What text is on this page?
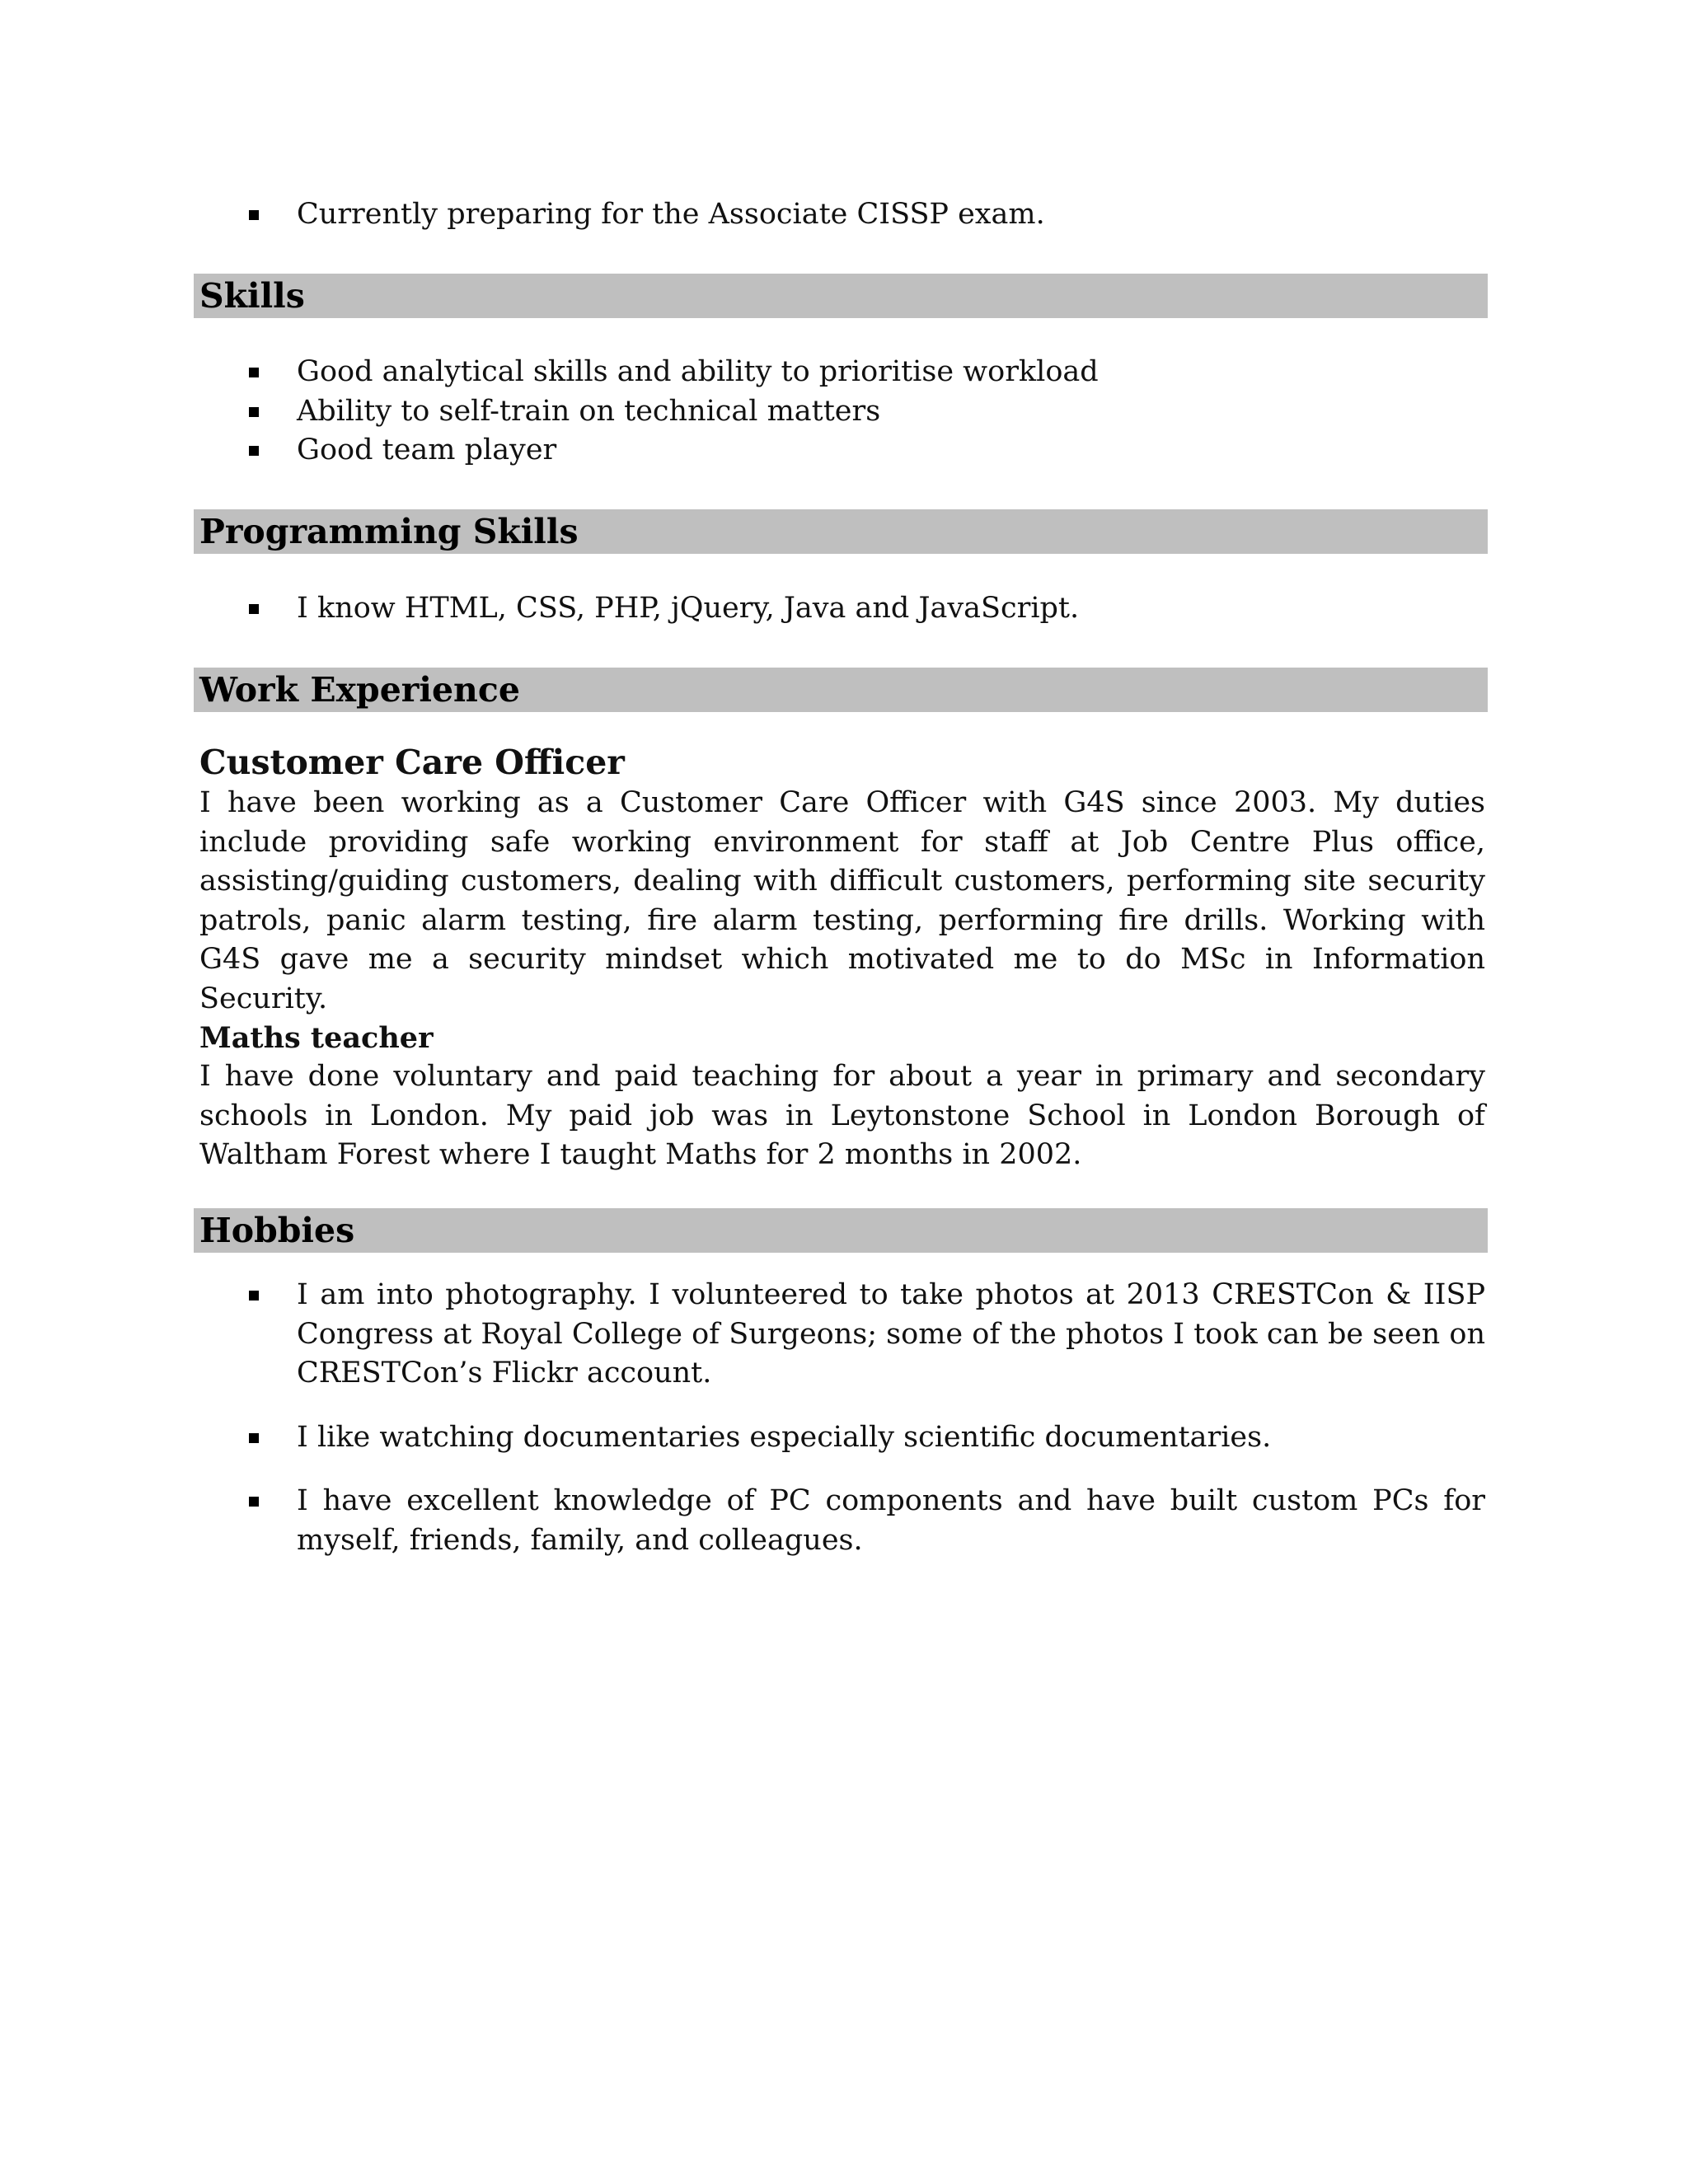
Currently preparing for the Associate CISSP exam.
Skills
Good analytical skills and ability to prioritise workload
Ability to self-train on technical matters
Good team player
Programming Skills
I know HTML, CSS, PHP, jQuery, Java and JavaScript.
Work Experience
Customer Care Officer

I have been working as a Customer Care Officer with G4S since 2003. My duties include providing safe working environment for staff at Job Centre Plus office, assisting/guiding customers, dealing with difficult customers, performing site security patrols, panic alarm testing, fire alarm testing, performing fire drills. Working with G4S gave me a security mindset which motivated me to do MSc in Information Security.

Maths teacher

I have done voluntary and paid teaching for about a year in primary and secondary schools in London. My paid job was in Leytonstone School in London Borough of Waltham Forest where I taught Maths for 2 months in 2002.

Hobbies
I am into photography. I volunteered to take photos at 2013 CRESTCon & IISP Congress at Royal College of Surgeons; some of the photos I took can be seen on CRESTCon’s Flickr account.
I like watching documentaries especially scientific documentaries.
I have excellent knowledge of PC components and have built custom PCs for myself, friends, family, and colleagues.
